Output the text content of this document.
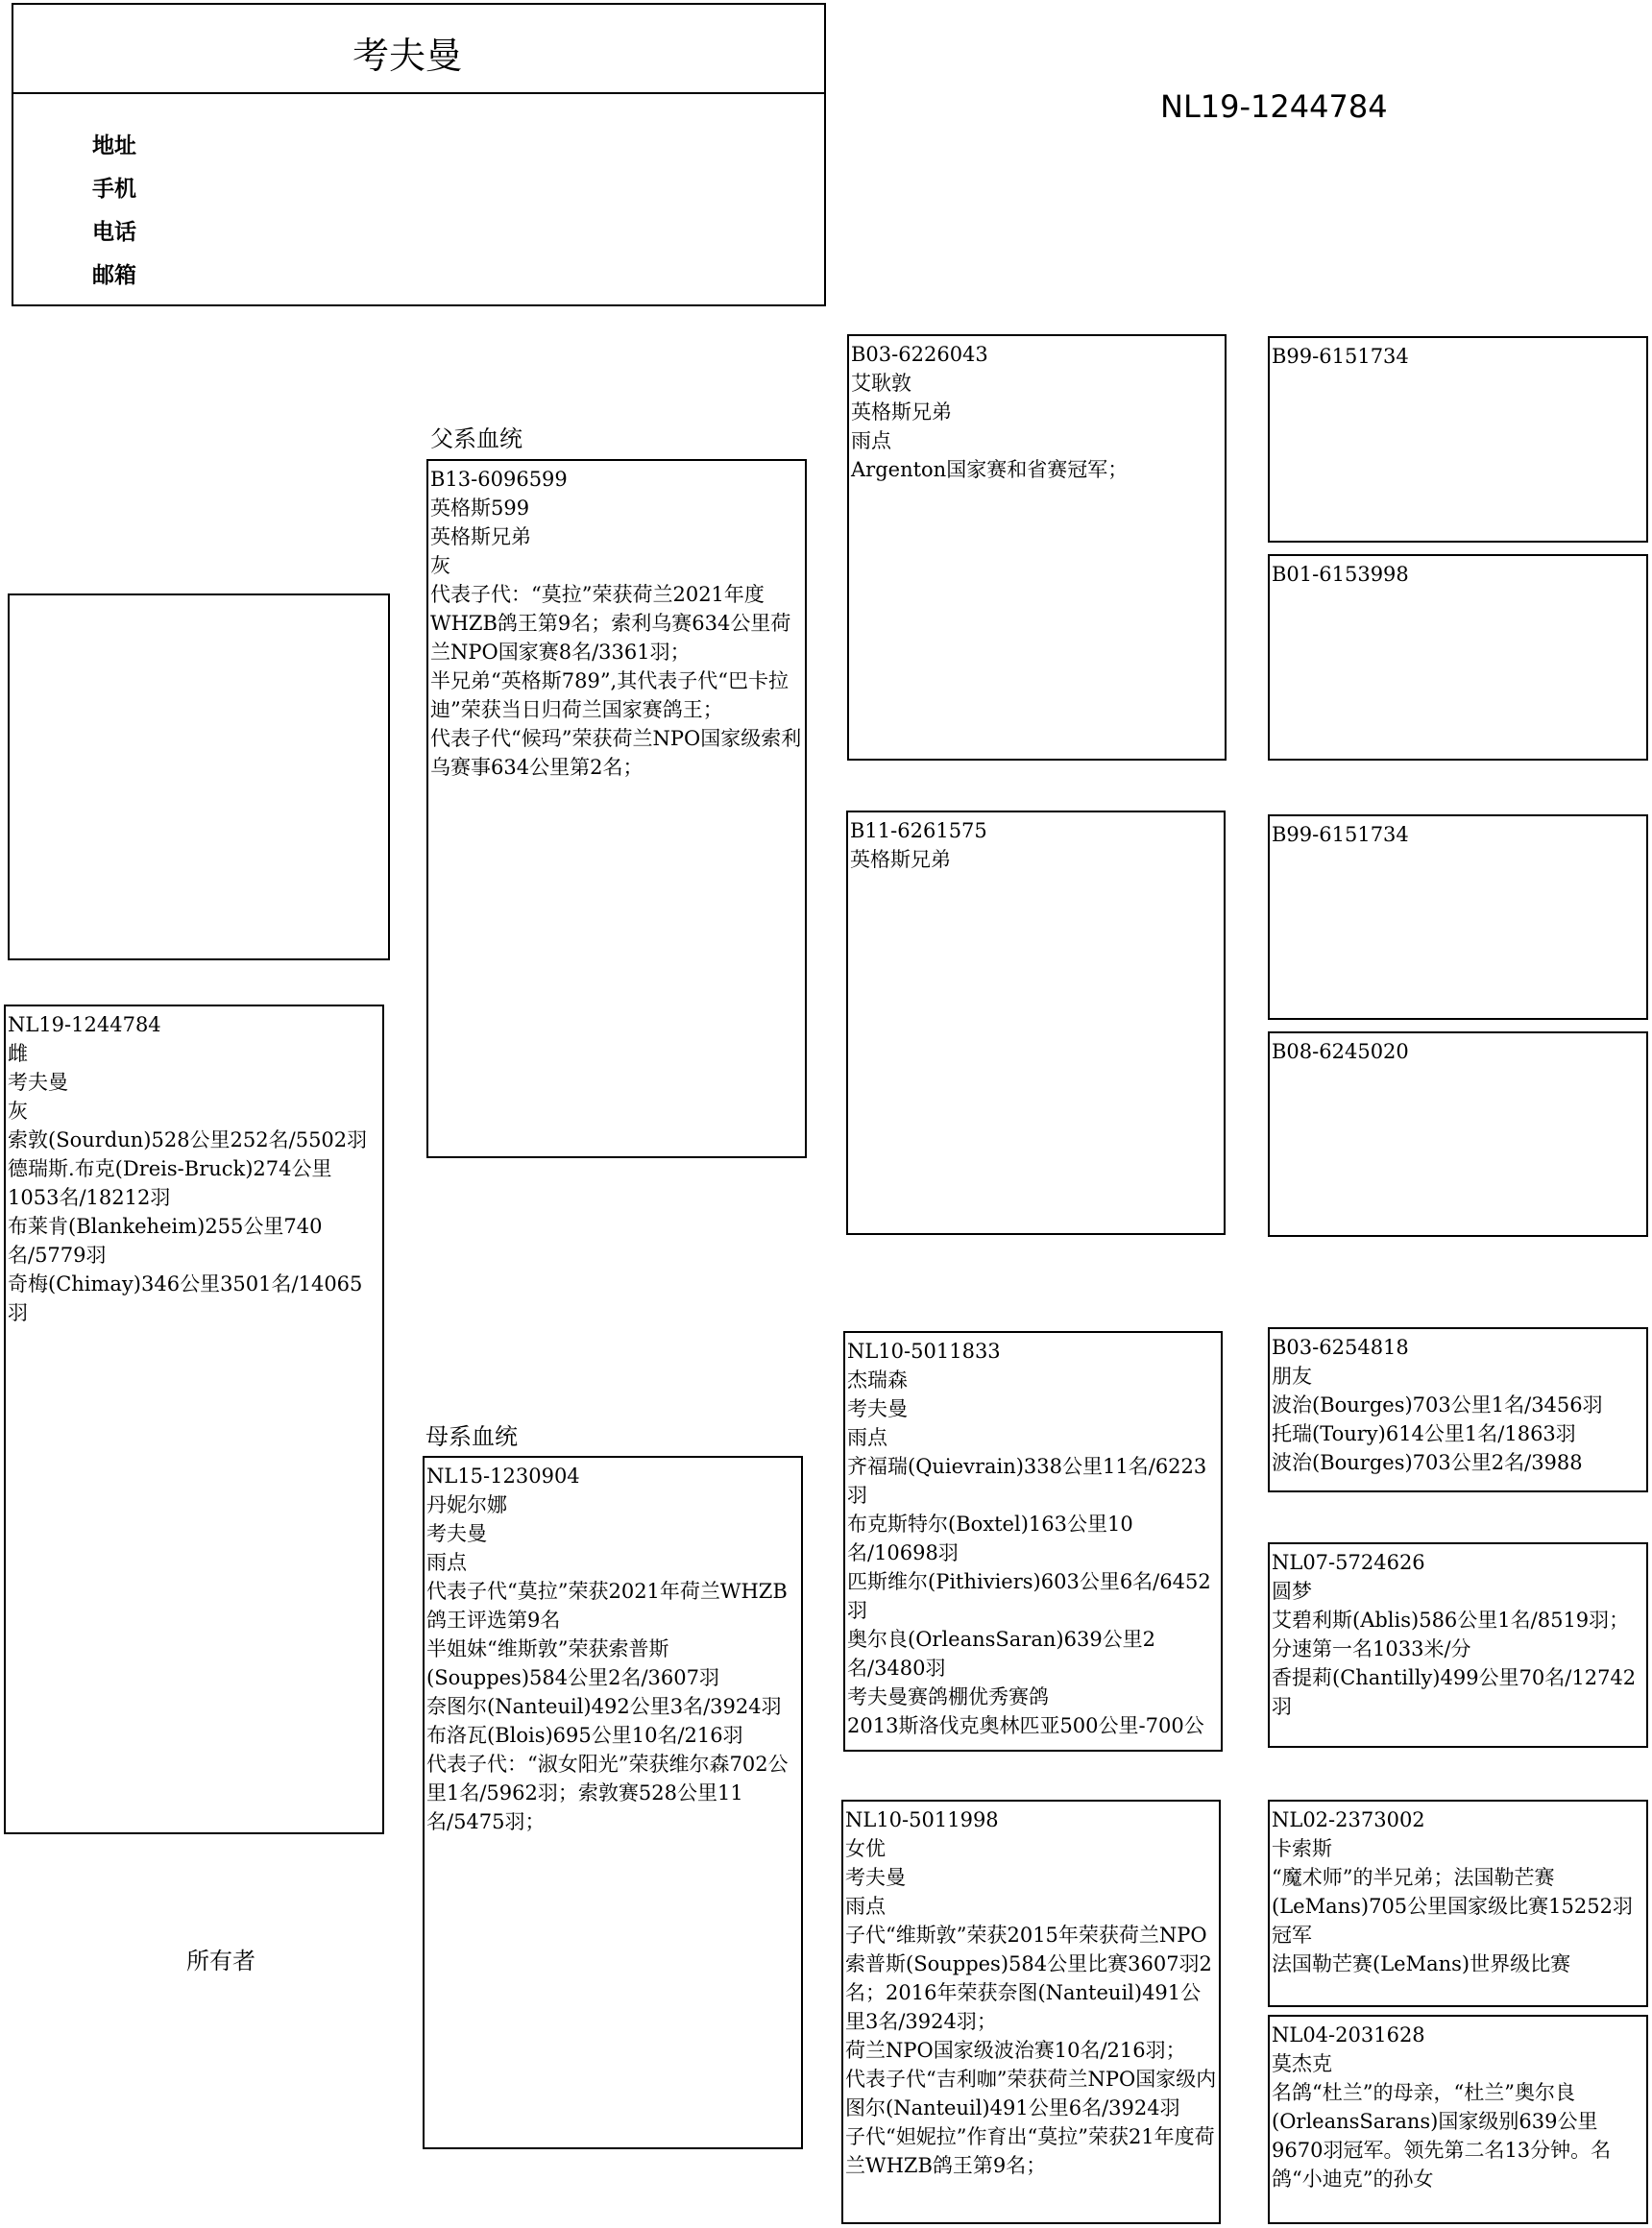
考夫曼
地址
手机
电话
邮箱
NL19-1244784
父系血统
母系血统
所有者
NL19-1244784
雌
考夫曼
灰
索敦(Sourdun)528公里252名/5502羽
德瑞斯.布克(Dreis-Bruck)274公里1053名/18212羽
布莱肯(Blankeheim)255公里740名/5779羽
奇梅(Chimay)346公里3501名/14065羽
B13-6096599
英格斯599
英格斯兄弟
灰
代表子代：“莫拉”荣获荷兰2021年度WHZB鸽王第9名；索利乌赛634公里荷兰NPO国家赛8名/3361羽；
半兄弟“英格斯789”,其代表子代“巴卡拉迪”荣获当日归荷兰国家赛鸽王；
代表子代“候玛”荣获荷兰NPO国家级索利乌赛事634公里第2名；
NL15-1230904
丹妮尔娜
考夫曼
雨点
代表子代“莫拉”荣获2021年荷兰WHZB鸽王评选第9名
半姐妹“维斯敦”荣获索普斯(Souppes)584公里2名/3607羽
奈图尔(Nanteuil)492公里3名/3924羽
布洛瓦(Blois)695公里10名/216羽
代表子代：“淑女阳光”荣获维尔森702公里1名/5962羽；索敦赛528公里11名/5475羽；
B03-6226043
艾耿敦
英格斯兄弟
雨点
Argenton国家赛和省赛冠军；
B11-6261575
英格斯兄弟
NL10-5011833
杰瑞森
考夫曼
雨点
齐福瑞(Quievrain)338公里11名/6223羽
布克斯特尔(Boxtel)163公里10名/10698羽
匹斯维尔(Pithiviers)603公里6名/6452羽
奥尔良(OrleansSaran)639公里2名/3480羽
考夫曼赛鸽棚优秀赛鸽
2013斯洛伐克奥林匹亚500公里-700公
NL10-5011998
女优
考夫曼
雨点
子代“维斯敦”荣获2015年荣获荷兰NPO索普斯(Souppes)584公里比赛3607羽2名；2016年荣获奈图(Nanteuil)491公里3名/3924羽；
荷兰NPO国家级波治赛10名/216羽；
代表子代“吉利咖”荣获荷兰NPO国家级内图尔(Nanteuil)491公里6名/3924羽
子代“妲妮拉”作育出“莫拉”荣获21年度荷兰WHZB鸽王第9名；
B99-6151734
B01-6153998
B99-6151734
B08-6245020
B03-6254818
朋友
波治(Bourges)703公里1名/3456羽
托瑞(Toury)614公里1名/1863羽
波治(Bourges)703公里2名/3988
NL07-5724626
圆梦
艾碧利斯(Ablis)586公里1名/8519羽；分速第一名1033米/分
香提莉(Chantilly)499公里70名/12742羽
NL02-2373002
卡索斯
“魔术师”的半兄弟；法国勒芒赛(LeMans)705公里国家级比赛15252羽冠军
法国勒芒赛(LeMans)世界级比赛
NL04-2031628
莫杰克
名鸽“杜兰”的母亲，“杜兰”奥尔良(OrleansSarans)国家级别639公里9670羽冠军。领先第二名13分钟。名鸽“小迪克”的孙女
